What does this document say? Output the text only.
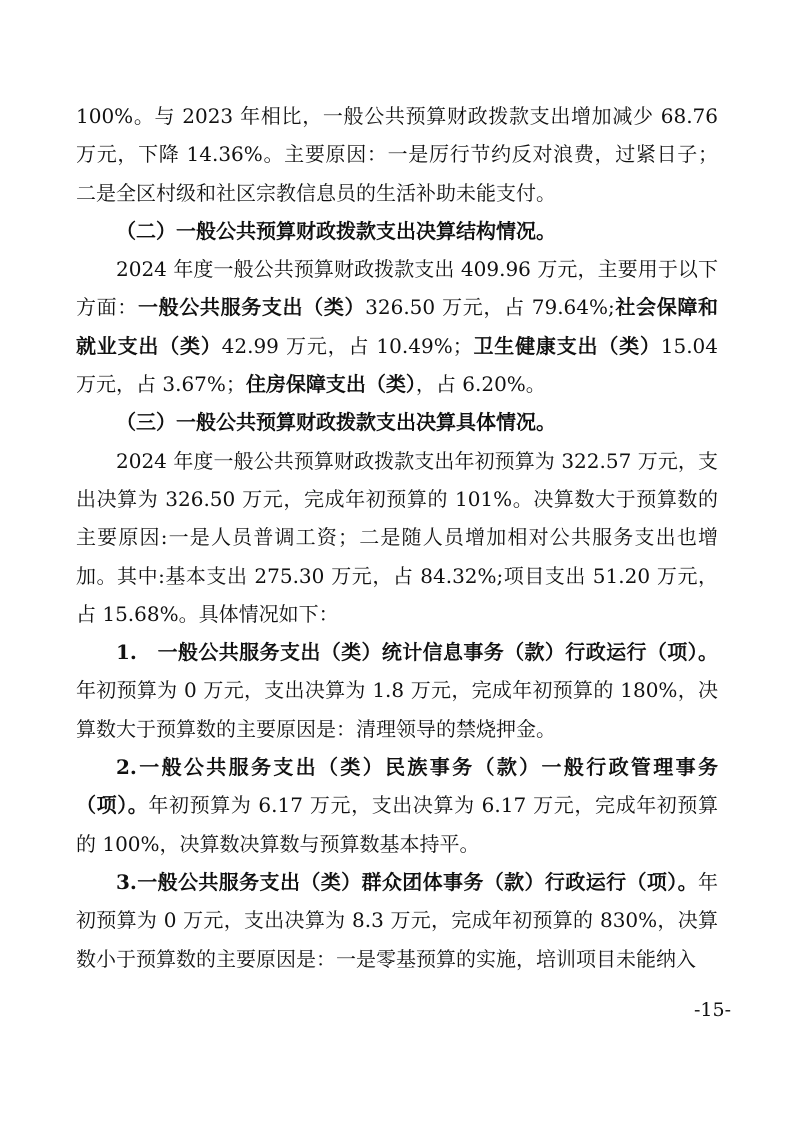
100%。与 2023 年相比，一般公共预算财政拨款支出增加减少 68.76 万元，下降 14.36%。主要原因：一是厉行节约反对浪费，过紧日子；二是全区村级和社区宗教信息员的生活补助未能支付。

（二）一般公共预算财政拨款支出决算结构情况。

2024 年度一般公共预算财政拨款支出 409.96 万元，主要用于以下方面：一般公共服务支出（类）326.50 万元，占 79.64%;社会保障和就业支出（类）42.99 万元，占 10.49%；卫生健康支出（类）15.04 万元，占 3.67%；住房保障支出（类），占 6.20%。

（三）一般公共预算财政拨款支出决算具体情况。

2024 年度一般公共预算财政拨款支出年初预算为 322.57 万元，支出决算为 326.50 万元，完成年初预算的 101%。决算数大于预算数的主要原因:一是人员普调工资；二是随人员增加相对公共服务支出也增加。其中:基本支出 275.30 万元，占 84.32%;项目支出 51.20 万元，占 15.68%。具体情况如下：

1.　一般公共服务支出（类）统计信息事务（款）行政运行（项）。年初预算为 0 万元，支出决算为 1.8 万元，完成年初预算的 180%，决算数大于预算数的主要原因是：清理领导的禁烧押金。

2.一般公共服务支出（类）民族事务（款）一般行政管理事务（项）。年初预算为 6.17 万元，支出决算为 6.17 万元，完成年初预算的 100%，决算数决算数与预算数基本持平。

3.一般公共服务支出（类）群众团体事务（款）行政运行（项）。年初预算为 0 万元，支出决算为 8.3 万元，完成年初预算的 830%，决算数小于预算数的主要原因是：一是零基预算的实施，培训项目未能纳入

-15-
